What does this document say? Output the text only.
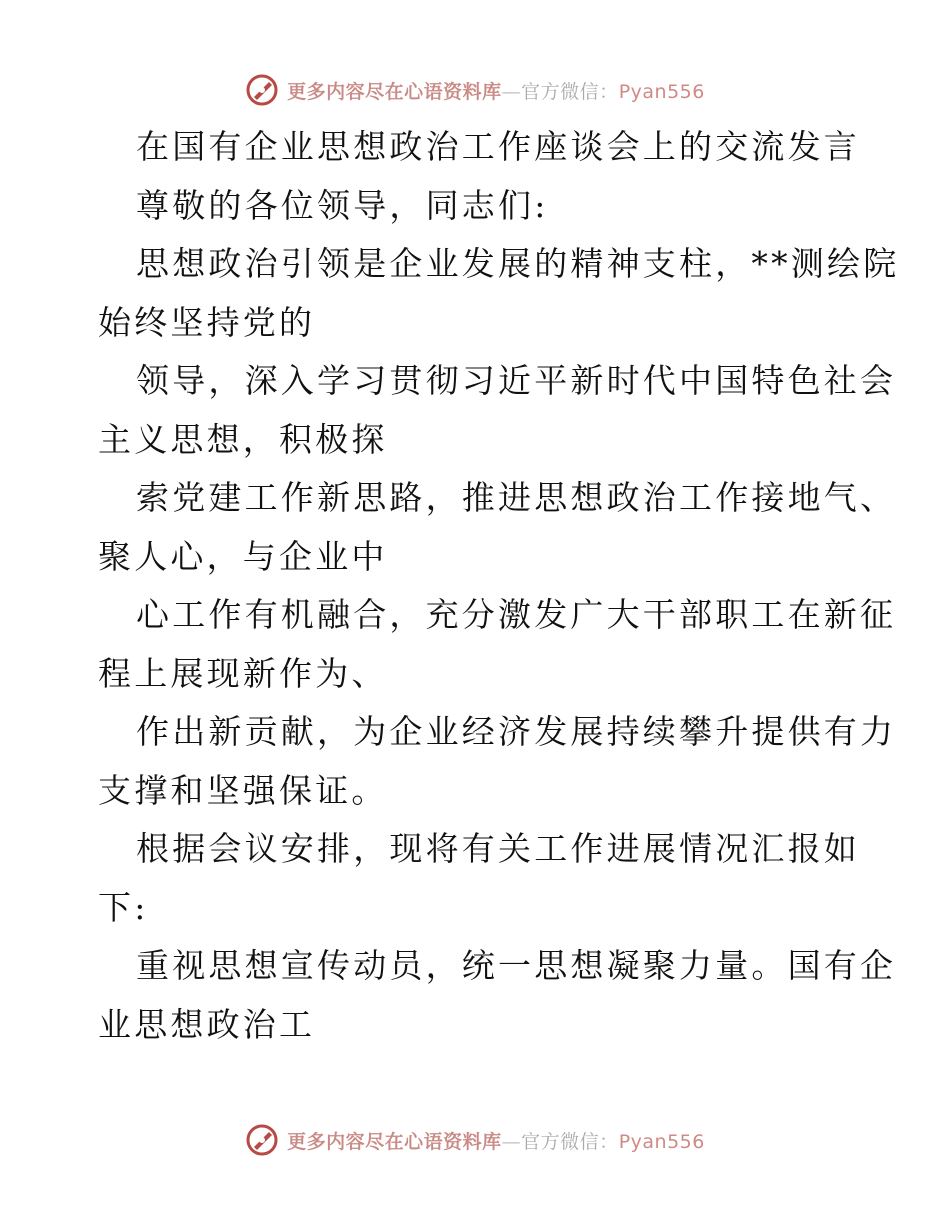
更多内容尽在心语资料库—官方微信：Pyan556
在国有企业思想政治工作座谈会上的交流发言
尊敬的各位领导，同志们:
思想政治引领是企业发展的精神支柱，**测绘院
始终坚持党的
领导，深入学习贯彻习近平新时代中国特色社会
主义思想，积极探
索党建工作新思路，推进思想政治工作接地气、
聚人心，与企业中
心工作有机融合，充分激发广大干部职工在新征
程上展现新作为、
作出新贡献，为企业经济发展持续攀升提供有力
支撑和坚强保证。
根据会议安排，现将有关工作进展情况汇报如
下:
重视思想宣传动员，统一思想凝聚力量。国有企
业思想政治工
更多内容尽在心语资料库—官方微信：Pyan556
